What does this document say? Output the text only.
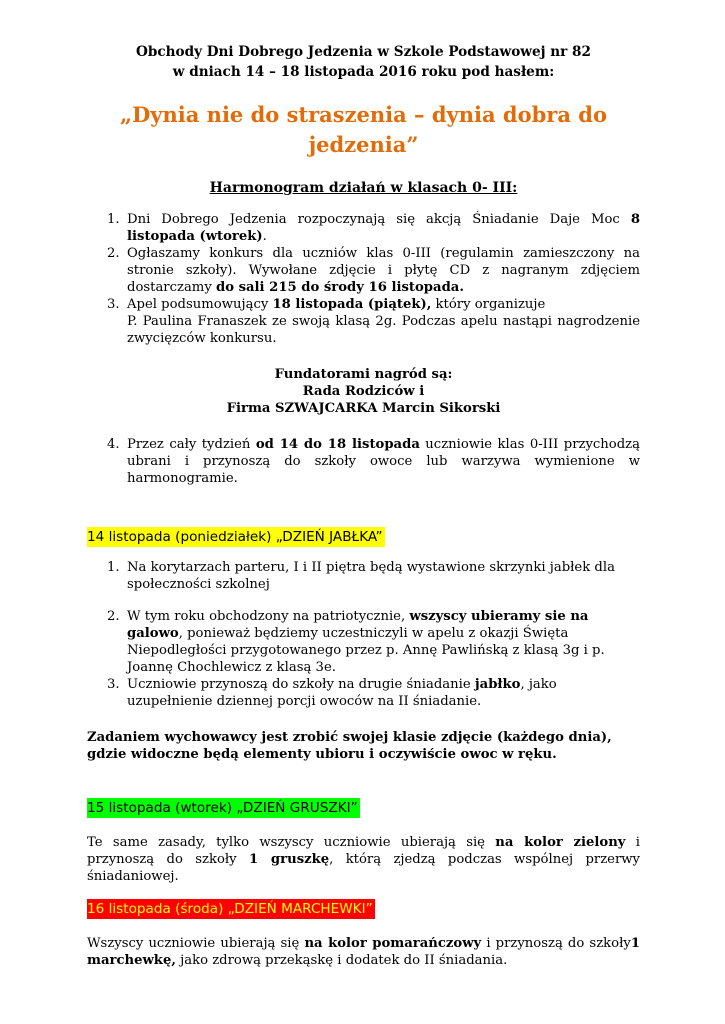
Obchody Dni Dobrego Jedzenia w Szkole Podstawowej nr 82

w dniach 14 – 18 listopada 2016 roku pod hasłem:

„Dynia nie do straszenia – dynia dobra do
jedzenia”

Harmonogram działań w klasach 0- III:

1. Dni Dobrego Jedzenia rozpoczynają się akcją Śniadanie Daje Moc 8 listopada (wtorek).
2. Ogłaszamy konkurs dla uczniów klas 0-III (regulamin zamieszczony na stronie szkoły). Wywołane zdjęcie i płytę CD z nagranym zdjęciem dostarczamy do sali 215 do środy 16 listopada.
3. Apel podsumowujący 18 listopada (piątek), który organizuje
P. Paulina Franaszek ze swoją klasą 2g. Podczas apelu nastąpi nagrodzenie zwycięzców konkursu.

Fundatorami nagród są:
Rada Rodziców i
Firma SZWAJCARKA Marcin Sikorski

4. Przez cały tydzień od 14 do 18 listopada uczniowie klas 0-III przychodzą ubrani i przynoszą do szkoły owoce lub warzywa wymienione w harmonogramie.
14 listopada (poniedziałek) „DZIEŃ JABŁKA”
1. Na korytarzach parteru, I i II piętra będą wystawione skrzynki jabłek dla społeczności szkolnej
2. W tym roku obchodzony na patriotycznie, wszyscy ubieramy sie na galowo, ponieważ będziemy uczestniczyli w apelu z okazji Święta Niepodległości przygotowanego przez p. Annę Pawlińską z klasą 3g i p. Joannę Chochlewicz z klasą 3e.
3. Uczniowie przynoszą do szkoły na drugie śniadanie jabłko, jako uzupełnienie dziennej porcji owoców na II śniadanie.

Zadaniem wychowawcy jest zrobić swojej klasie zdjęcie (każdego dnia), gdzie widoczne będą elementy ubioru i oczywiście owoc w ręku.

15 listopada (wtorek) „DZIEŃ GRUSZKI”

Te same zasady, tylko wszyscy uczniowie ubierają się na kolor zielony i przynoszą do szkoły 1 gruszkę, którą zjedzą podczas wspólnej przerwy śniadaniowej.

16 listopada (środa) „DZIEŃ MARCHEWKI”

Wszyscy uczniowie ubierają się na kolor pomarańczowy i przynoszą do szkoły1 marchewkę, jako zdrową przekąskę i dodatek do II śniadania.
